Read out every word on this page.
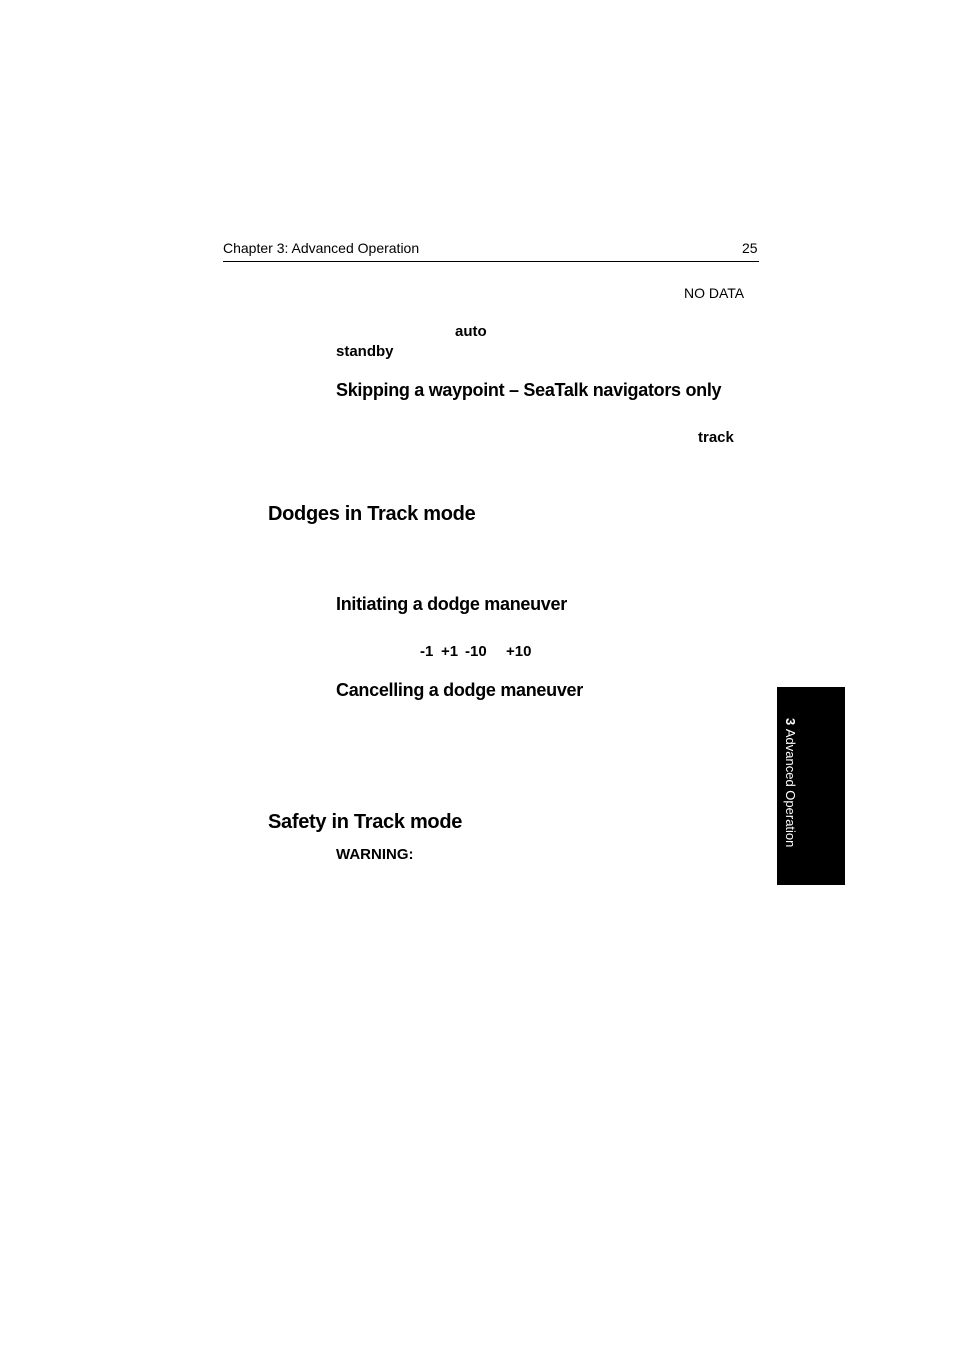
Chapter 3: Advanced Operation	25
NO DATA
auto
standby
Skipping a waypoint – SeaTalk navigators only
track
Dodges in Track mode
Initiating a dodge maneuver
-1 +1 -10 +10
Cancelling a dodge maneuver
Safety in Track mode
WARNING:
3 Advanced Operation
